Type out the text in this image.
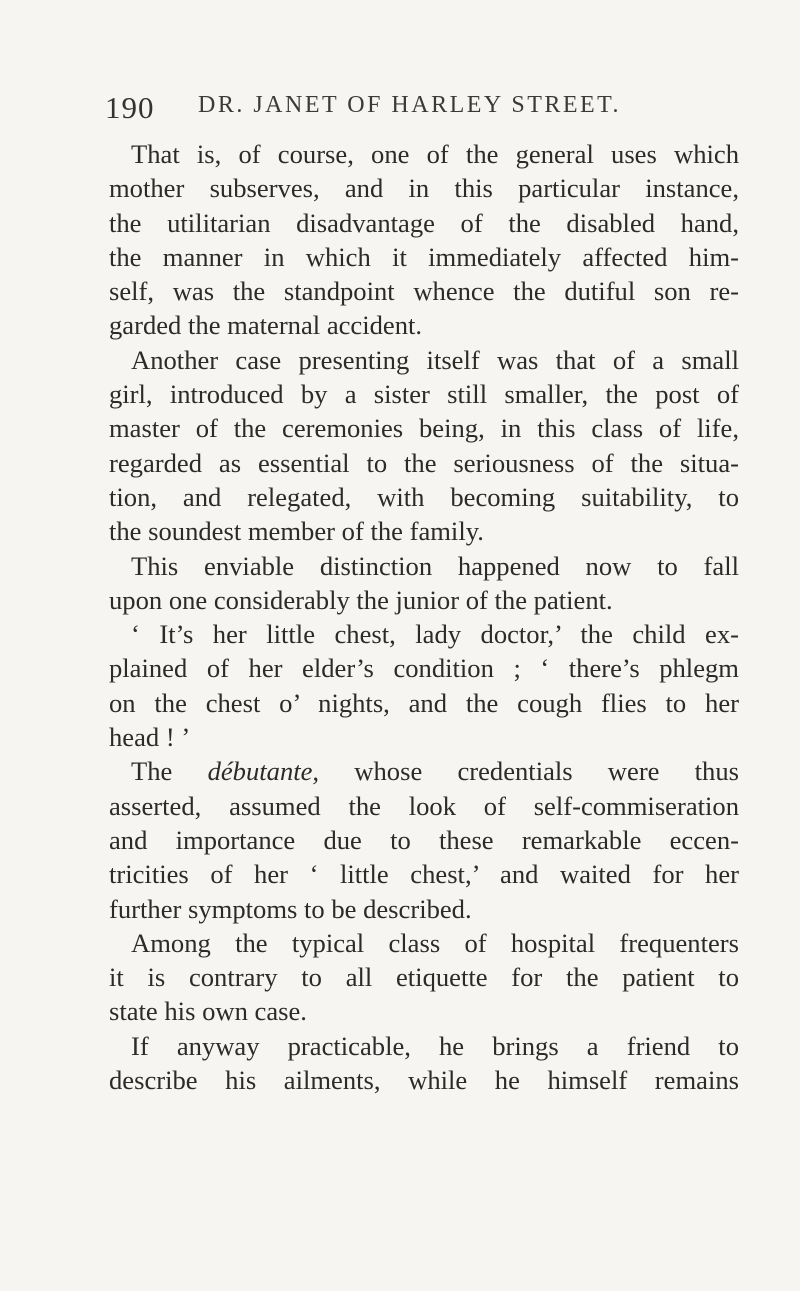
190 DR. JANET OF HARLEY STREET.
That is, of course, one of the general uses which
mother subserves, and in this particular instance,
the utilitarian disadvantage of the disabled hand,
the manner in which it immediately affected him-
self, was the standpoint whence the dutiful son re-
garded the maternal accident.
Another case presenting itself was that of a small
girl, introduced by a sister still smaller, the post of
master of the ceremonies being, in this class of life,
regarded as essential to the seriousness of the situa-
tion, and relegated, with becoming suitability, to
the soundest member of the family.
This enviable distinction happened now to fall
upon one considerably the junior of the patient.
‘ It’s her little chest, lady doctor,’ the child ex-
plained of her elder’s condition ; ‘ there’s phlegm
on the chest o’ nights, and the cough flies to her
head ! ’
The débutante, whose credentials were thus
asserted, assumed the look of self-commiseration
and importance due to these remarkable eccen-
tricities of her ‘ little chest,’ and waited for her
further symptoms to be described.
Among the typical class of hospital frequenters
it is contrary to all etiquette for the patient to
state his own case.
If anyway practicable, he brings a friend to
describe his ailments, while he himself remains
